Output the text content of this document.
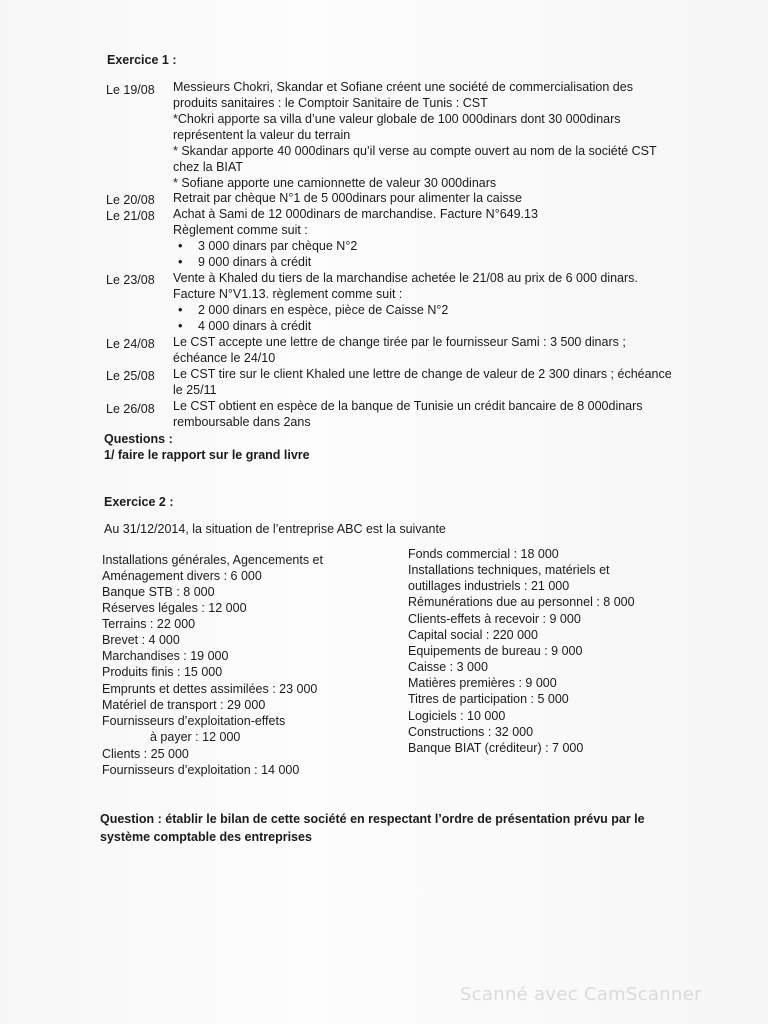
Exercice 1 :
Le 19/08	Messieurs Chokri, Skandar et Sofiane créent une société de commercialisation des
produits sanitaires : le Comptoir Sanitaire de Tunis : CST
*Chokri apporte sa villa d’une valeur globale de 100 000dinars dont 30 000dinars
représentent la valeur du terrain
* Skandar apporte 40 000dinars qu’il verse au compte ouvert au nom de la société CST
chez la BIAT
* Sofiane apporte une camionnette de valeur 30 000dinars
Le 20/08	Retrait par chèque N°1 de 5 000dinars pour alimenter la caisse
Le 21/08	Achat à Sami de 12 000dinars de marchandise. Facture N°649.13
Règlement comme suit :
• 3 000 dinars par chèque N°2
• 9 000 dinars à crédit
Le 23/08	Vente à Khaled du tiers de la marchandise achetée le 21/08 au prix de 6 000 dinars.
Facture N°V1.13. règlement comme suit :
• 2 000 dinars en espèce, pièce de Caisse N°2
• 4 000 dinars à crédit
Le 24/08	Le CST accepte une lettre de change tirée par le fournisseur Sami : 3 500 dinars ;
échéance le 24/10
Le 25/08	Le CST tire sur le client Khaled une lettre de change de valeur de 2 300 dinars ; échéance
le 25/11
Le 26/08	Le CST obtient en espèce de la banque de Tunisie un crédit bancaire de 8 000dinars
remboursable dans 2ans
Questions :
1/ faire le rapport sur le grand livre
Exercice 2 :
Au 31/12/2014, la situation de l’entreprise ABC est la suivante
Installations générales, Agencements et
Aménagement divers : 6 000
Banque STB : 8 000
Réserves légales : 12 000
Terrains : 22 000
Brevet : 4 000
Marchandises : 19 000
Produits finis : 15 000
Emprunts et dettes assimilées : 23 000
Matériel de transport : 29 000
Fournisseurs d’exploitation-effets
à payer : 12 000
Clients : 25 000
Fournisseurs d’exploitation : 14 000
Fonds commercial : 18 000
Installations techniques, matériels et
outillages industriels : 21 000
Rémunérations due au personnel : 8 000
Clients-effets à recevoir : 9 000
Capital social : 220 000
Equipements de bureau : 9 000
Caisse : 3 000
Matières premières : 9 000
Titres de participation : 5 000
Logiciels : 10 000
Constructions : 32 000
Banque BIAT (créditeur) : 7 000
Question : établir le bilan de cette société en respectant l’ordre de présentation prévu par le
système comptable des entreprises
Scanné avec CamScanner
